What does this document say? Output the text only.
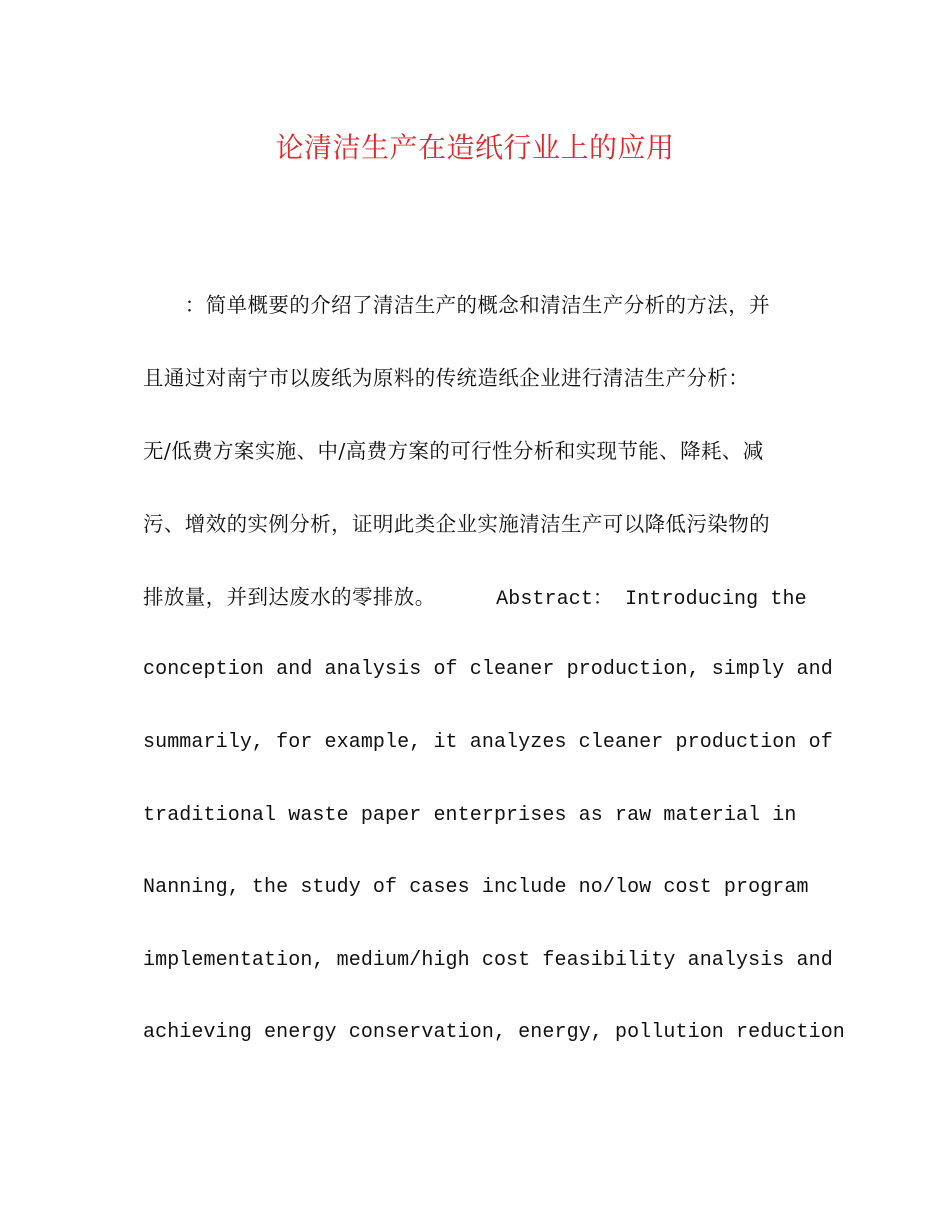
论清洁生产在造纸行业上的应用
　　：简单概要的介绍了清洁生产的概念和清洁生产分析的方法，并
且通过对南宁市以废纸为原料的传统造纸企业进行清洁生产分析：
无/低费方案实施、中/高费方案的可行性分析和实现节能、降耗、减
污、增效的实例分析，证明此类企业实施清洁生产可以降低污染物的
排放量，并到达废水的零排放。     Abstract： Introducing the
conception and analysis of cleaner production, simply and
summarily, for example, it analyzes cleaner production of
traditional waste paper enterprises as raw material in
Nanning, the study of cases include no/low cost program
implementation, medium/high cost feasibility analysis and
achieving energy conservation, energy, pollution reduction
